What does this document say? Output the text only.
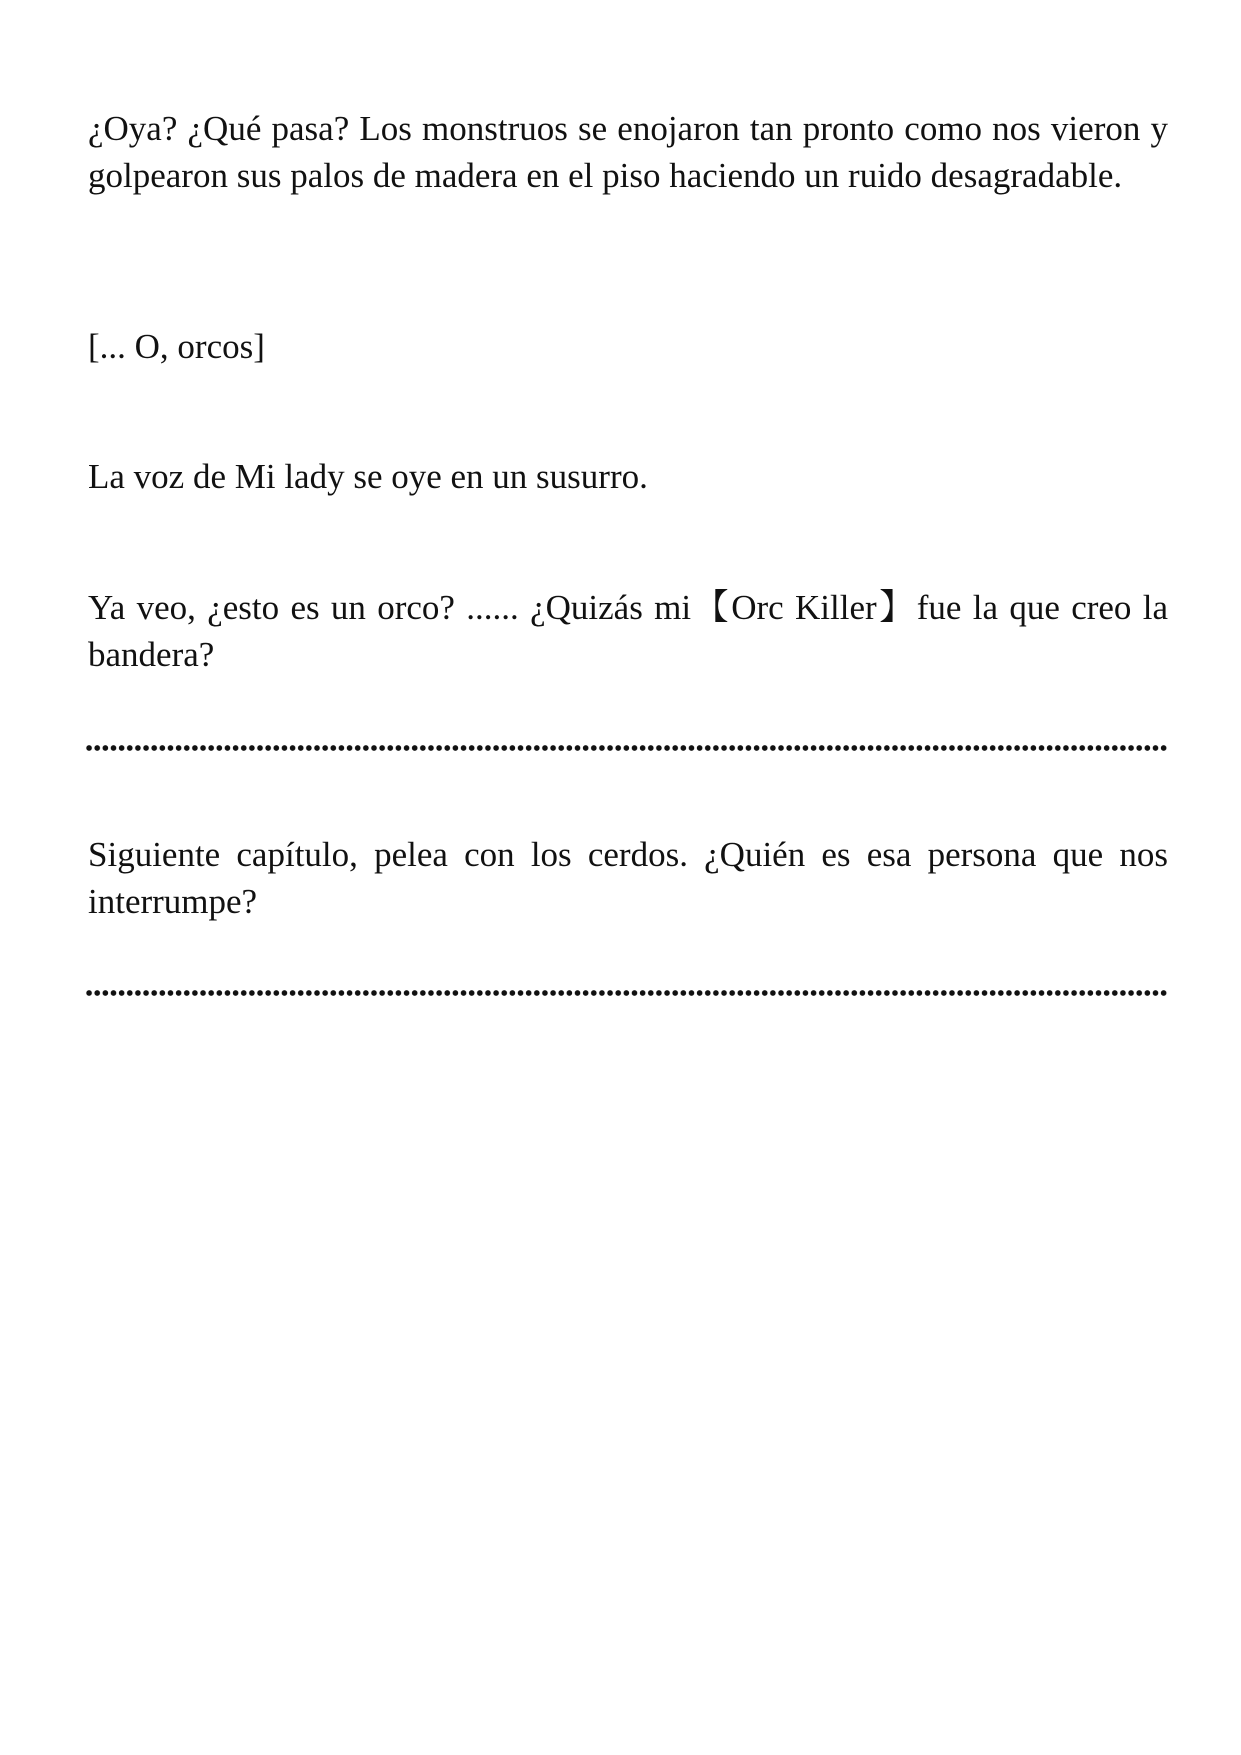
¿Oya? ¿Qué pasa? Los monstruos se enojaron tan pronto como nos vieron y golpearon sus palos de madera en el piso haciendo un ruido desagradable.

[... O, orcos]

La voz de Mi lady se oye en un susurro.

Ya veo, ¿esto es un orco? ...... ¿Quizás mi【Orc Killer】fue la que creo la bandera?

Siguiente capítulo, pelea con los cerdos. ¿Quién es esa persona que nos interrumpe?
